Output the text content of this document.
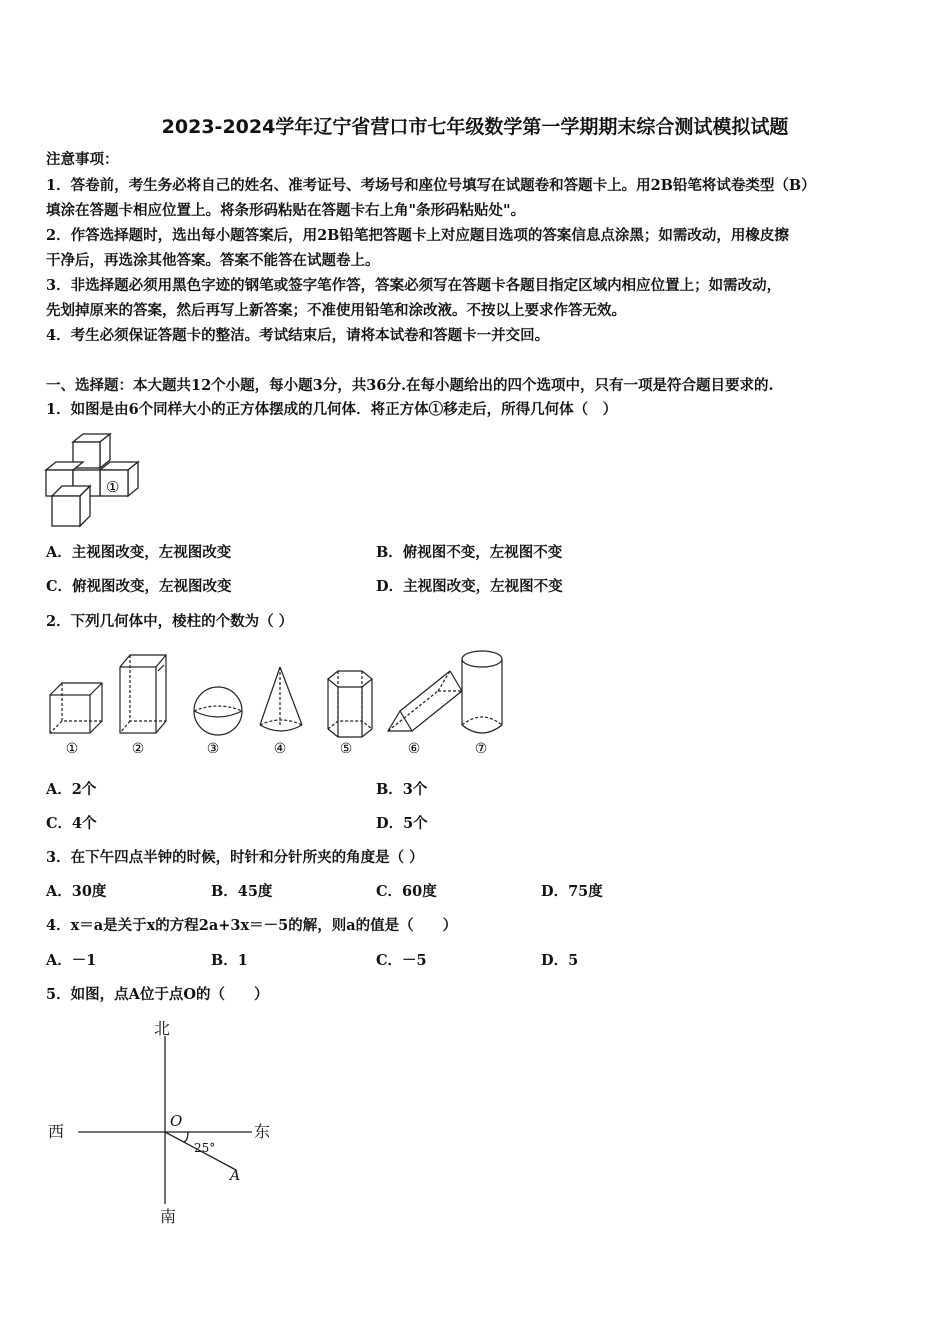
2023-2024学年辽宁省营口市七年级数学第一学期期末综合测试模拟试题
注意事项：
1．答卷前，考生务必将自己的姓名、准考证号、考场号和座位号填写在试题卷和答题卡上。用2B铅笔将试卷类型（B）
填涂在答题卡相应位置上。将条形码粘贴在答题卡右上角"条形码粘贴处"。
2．作答选择题时，选出每小题答案后，用2B铅笔把答题卡上对应题目选项的答案信息点涂黑；如需改动，用橡皮擦
干净后，再选涂其他答案。答案不能答在试题卷上。
3．非选择题必须用黑色字迹的钢笔或签字笔作答，答案必须写在答题卡各题目指定区域内相应位置上；如需改动，
先划掉原来的答案，然后再写上新答案；不准使用铅笔和涂改液。不按以上要求作答无效。
4．考生必须保证答题卡的整洁。考试结束后，请将本试卷和答题卡一并交回。
一、选择题：本大题共12个小题，每小题3分，共36分.在每小题给出的四个选项中，只有一项是符合题目要求的.
1．如图是由6个同样大小的正方体摆成的几何体．将正方体①移走后，所得几何体（　）
①
A．主视图改变，左视图改变	B．俯视图不变，左视图不变
C．俯视图改变，左视图改变	D．主视图改变，左视图不变
2．下列几何体中，棱柱的个数为（ ）
①	②	③	④	⑤	⑥	⑦
A．2个	B．3个
C．4个	D．5个
3．在下午四点半钟的时候，时针和分针所夹的角度是（ ）
A．30度	B．45度	C．60度	D．75度
4．x＝a是关于x的方程2a+3x＝－5的解，则a的值是（　　）
A．－1	B．1	C．－5	D．5
5．如图，点A位于点O的（　　）
北
南
西	东
O
A
25°
